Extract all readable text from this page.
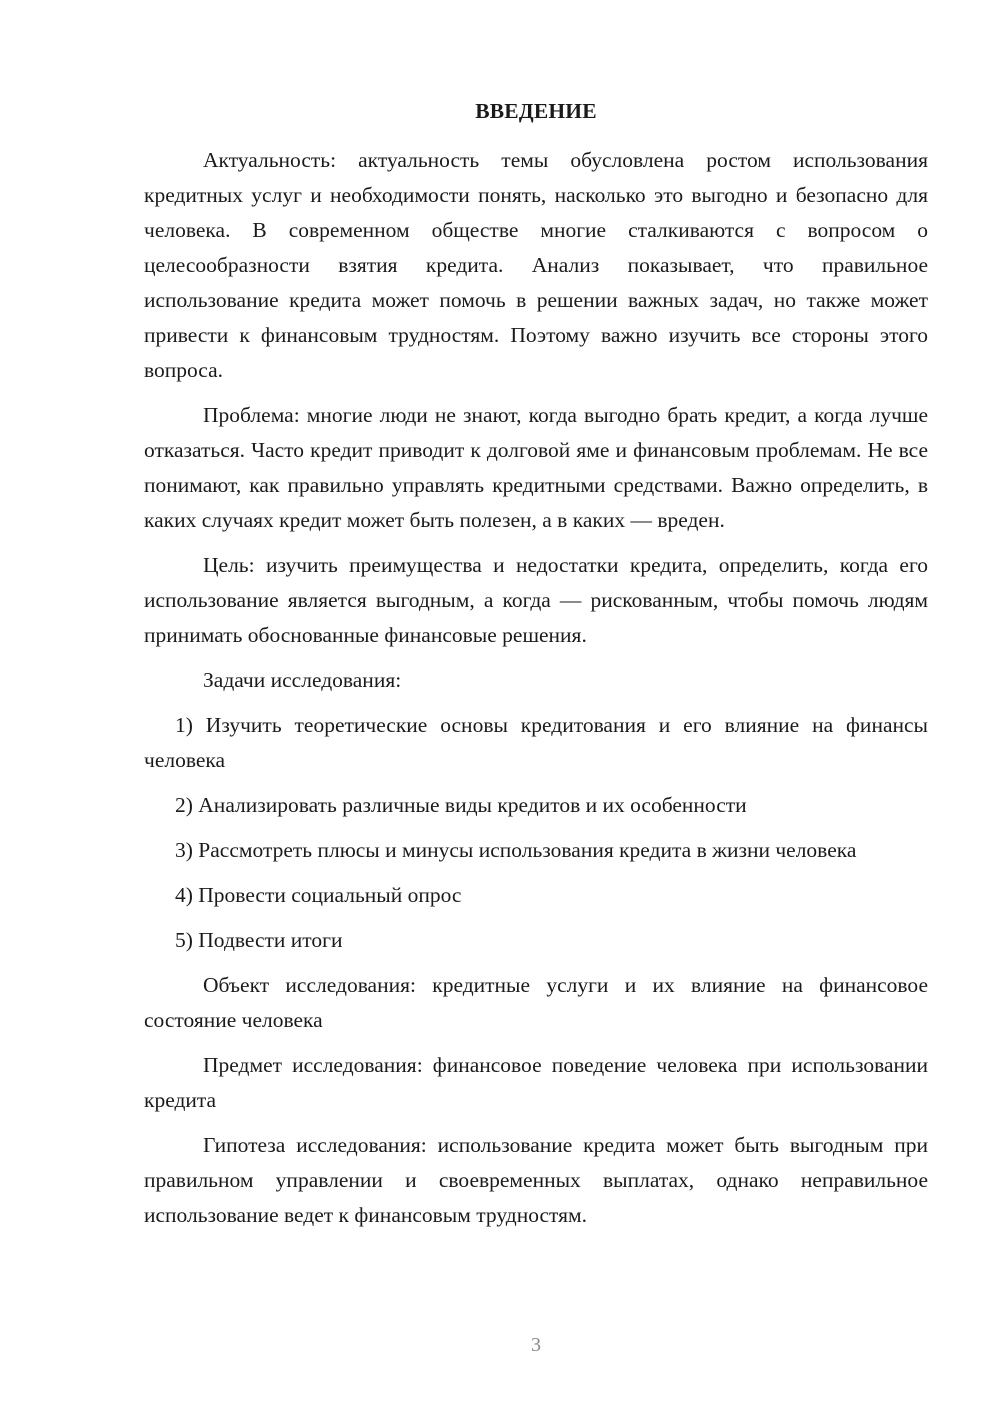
ВВЕДЕНИЕ

Актуальность: актуальность темы обусловлена ростом использования кредитных услуг и необходимости понять, насколько это выгодно и безопасно для человека. В современном обществе многие сталкиваются с вопросом о целесообразности взятия кредита. Анализ показывает, что правильное использование кредита может помочь в решении важных задач, но также может привести к финансовым трудностям. Поэтому важно изучить все стороны этого вопроса.

Проблема: многие люди не знают, когда выгодно брать кредит, а когда лучше отказаться. Часто кредит приводит к долговой яме и финансовым проблемам. Не все понимают, как правильно управлять кредитными средствами. Важно определить, в каких случаях кредит может быть полезен, а в каких — вреден.

Цель: изучить преимущества и недостатки кредита, определить, когда его использование является выгодным, а когда — рискованным, чтобы помочь людям принимать обоснованные финансовые решения.

Задачи исследования:

1) Изучить теоретические основы кредитования и его влияние на финансы человека

2) Анализировать различные виды кредитов и их особенности

3) Рассмотреть плюсы и минусы использования кредита в жизни человека

4) Провести социальный опрос

5) Подвести итоги

Объект исследования: кредитные услуги и их влияние на финансовое состояние человека

Предмет исследования: финансовое поведение человека при использовании кредита

Гипотеза исследования: использование кредита может быть выгодным при правильном управлении и своевременных выплатах, однако неправильное использование ведет к финансовым трудностям.

3
